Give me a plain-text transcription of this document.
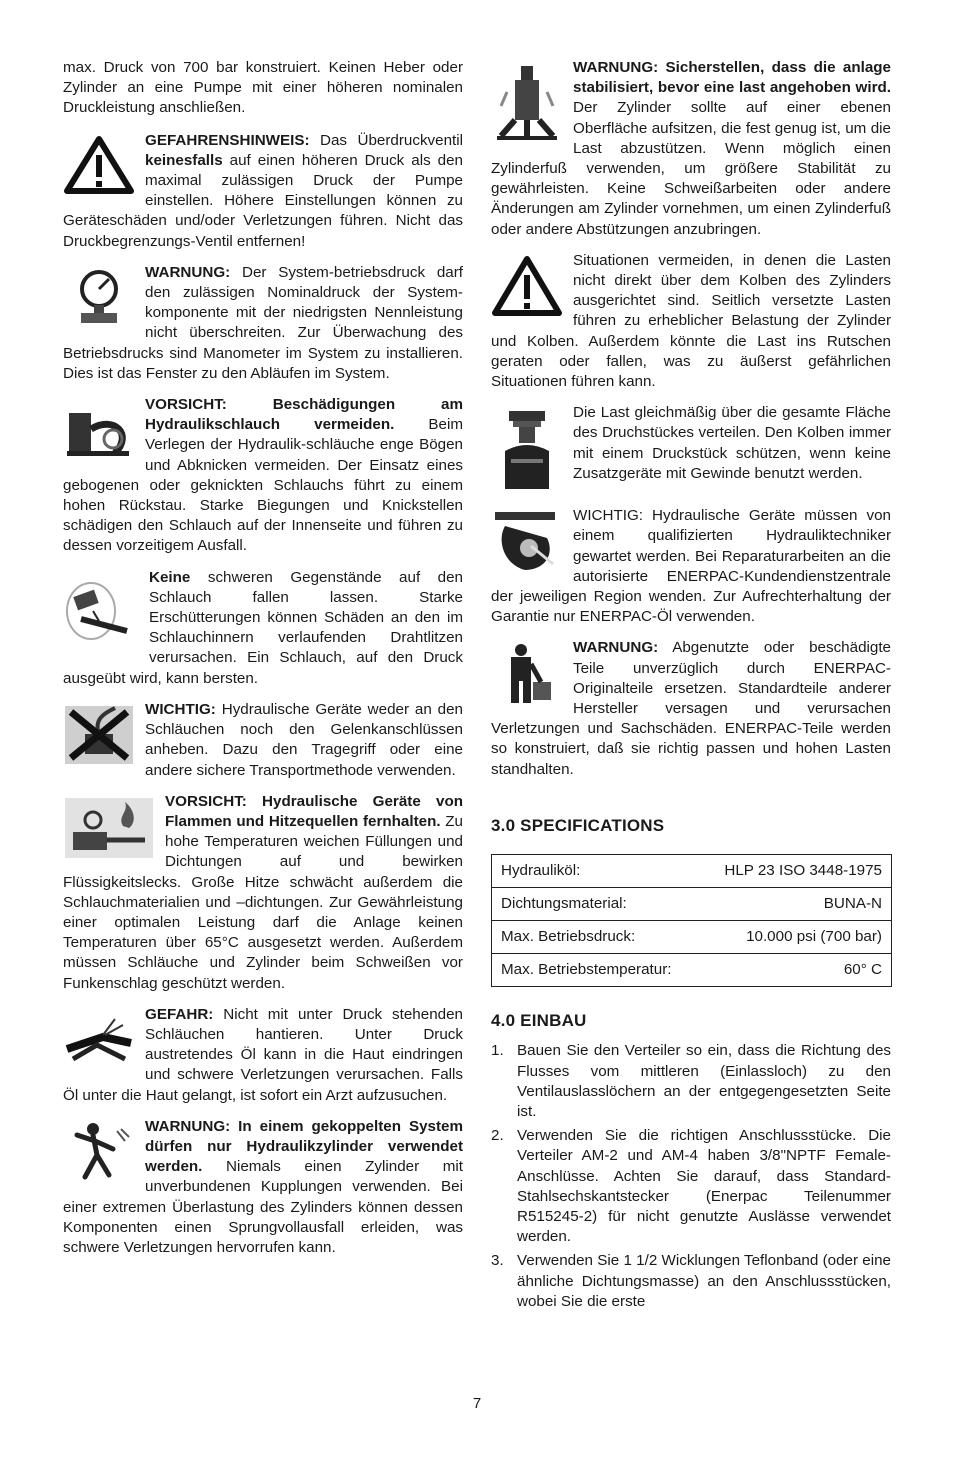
max. Druck von 700 bar konstruiert. Keinen Heber oder Zylinder an eine Pumpe mit einer höheren nominalen Druckleistung anschließen.

GEFAHRENSHINWEIS: Das Überdruckventil keinesfalls auf einen höheren Druck als den maximal zulässigen Druck der Pumpe einstellen. Höhere Einstellungen können zu Geräteschäden und/oder Verletzungen führen. Nicht das Druckbegrenzungs-Ventil entfernen!
WARNUNG: Der System-betriebsdruck darf den zulässigen Nominaldruck der System-komponente mit der niedrigsten Nennleistung nicht überschreiten. Zur Überwachung des Betriebsdrucks sind Manometer im System zu installieren. Dies ist das Fenster zu den Abläufen im System.
VORSICHT: Beschädigungen am Hydraulikschlauch vermeiden. Beim Verlegen der Hydraulik-schläuche enge Bögen und Abknicken vermeiden. Der Einsatz eines gebogenen oder geknickten Schlauchs führt zu einem hohen Rückstau. Starke Biegungen und Knickstellen schädigen den Schlauch auf der Innenseite und führen zu dessen vorzeitigem Ausfall.
Keine schweren Gegenstände auf den Schlauch fallen lassen. Starke Erschütterungen können Schäden an den im Schlauchinnern verlaufenden Drahtlitzen verursachen. Ein Schlauch, auf den Druck ausgeübt wird, kann bersten.
WICHTIG: Hydraulische Geräte weder an den Schläuchen noch den Gelenkanschlüssen anheben. Dazu den Tragegriff oder eine andere sichere Transportmethode verwenden.
VORSICHT: Hydraulische Geräte von Flammen und Hitzequellen fernhalten. Zu hohe Temperaturen weichen Füllungen und Dichtungen auf und bewirken Flüssigkeitslecks. Große Hitze schwächt außerdem die Schlauchmaterialien und –dichtungen. Zur Gewährleistung einer optimalen Leistung darf die Anlage keinen Temperaturen über 65°C ausgesetzt werden. Außerdem müssen Schläuche und Zylinder beim Schweißen vor Funkenschlag geschützt werden.
GEFAHR: Nicht mit unter Druck stehenden Schläuchen hantieren. Unter Druck austretendes Öl kann in die Haut eindringen und schwere Verletzungen verursachen. Falls Öl unter die Haut gelangt, ist sofort ein Arzt aufzusuchen.
WARNUNG: In einem gekoppelten System dürfen nur Hydraulikzylinder verwendet werden. Niemals einen Zylinder mit unverbundenen Kupplungen verwenden. Bei einer extremen Überlastung des Zylinders können dessen Komponenten einen Sprungvollausfall erleiden, was schwere Verletzungen hervorrufen kann.
WARNUNG: Sicherstellen, dass die anlage stabilisiert, bevor eine last angehoben wird. Der Zylinder sollte auf einer ebenen Oberfläche aufsitzen, die fest genug ist, um die Last abzustützen. Wenn möglich einen Zylinderfuß verwenden, um größere Stabilität zu gewährleisten. Keine Schweißarbeiten oder andere Änderungen am Zylinder vornehmen, um einen Zylinderfuß oder andere Abstützungen anzubringen.
Situationen vermeiden, in denen die Lasten nicht direkt über dem Kolben des Zylinders ausgerichtet sind. Seitlich versetzte Lasten führen zu erheblicher Belastung der Zylinder und Kolben. Außerdem könnte die Last ins Rutschen geraten oder fallen, was zu äußerst gefährlichen Situationen führen kann.
Die Last gleichmäßig über die gesamte Fläche des Druchstückes verteilen. Den Kolben immer mit einem Druckstück schützen, wenn keine Zusatzgeräte mit Gewinde benutzt werden.
WICHTIG: Hydraulische Geräte müssen von einem qualifizierten Hydrauliktechniker gewartet werden. Bei Reparaturarbeiten an die autorisierte ENERPAC-Kundendienstzentrale der jeweiligen Region wenden. Zur Aufrechterhaltung der Garantie nur ENERPAC-Öl verwenden.
WARNUNG: Abgenutzte oder beschädigte Teile unverzüglich durch ENERPAC-Originalteile ersetzen. Standardteile anderer Hersteller versagen und verursachen Verletzungen und Sachschäden. ENERPAC-Teile werden so konstruiert, daß sie richtig passen und hohen Lasten standhalten.
3.0 SPECIFICATIONS
Hydrauliköl:	HLP 23 ISO 3448-1975
Dichtungsmaterial:	BUNA-N
Max. Betriebsdruck:	10.000 psi (700 bar)
Max. Betriebstemperatur:	60° C
4.0 EINBAU
1. Bauen Sie den Verteiler so ein, dass die Richtung des Flusses vom mittleren (Einlassloch) zu den Ventilauslasslöchern an der entgegengesetzten Seite ist.
2. Verwenden Sie die richtigen Anschlussstücke. Die Verteiler AM-2 und AM-4 haben 3/8"NPTF Female-Anschlüsse. Achten Sie darauf, dass Standard-Stahlsechskantstecker (Enerpac Teilenummer R515245-2) für nicht genutzte Auslässe verwendet werden.
3. Verwenden Sie 1 1/2 Wicklungen Teflonband (oder eine ähnliche Dichtungsmasse) an den Anschlussstücken, wobei Sie die erste
7
